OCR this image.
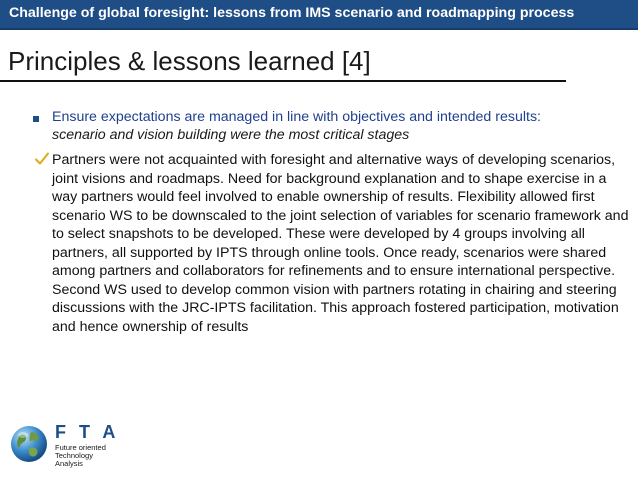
Challenge of global foresight: lessons from IMS scenario and roadmapping process
Principles & lessons learned [4]
Ensure expectations are managed in line with objectives and intended results:
scenario and vision building were the most critical stages
Partners were not acquainted with foresight and alternative ways of developing scenarios, joint visions and roadmaps. Need for background explanation and to shape exercise in a way partners would feel involved to enable ownership of results. Flexibility allowed first scenario WS to be downscaled to the joint selection of variables for scenario framework and to select snapshots to be developed. These were developed by 4 groups involving all partners, all supported by IPTS through online tools. Once ready, scenarios were shared among partners and collaborators for refinements and to ensure international perspective. Second WS used to develop common vision with partners rotating in chairing and steering discussions with the JRC-IPTS facilitation. This approach fostered participation, motivation and hence ownership of results
F T A
Future oriented
Technology
Analysis
